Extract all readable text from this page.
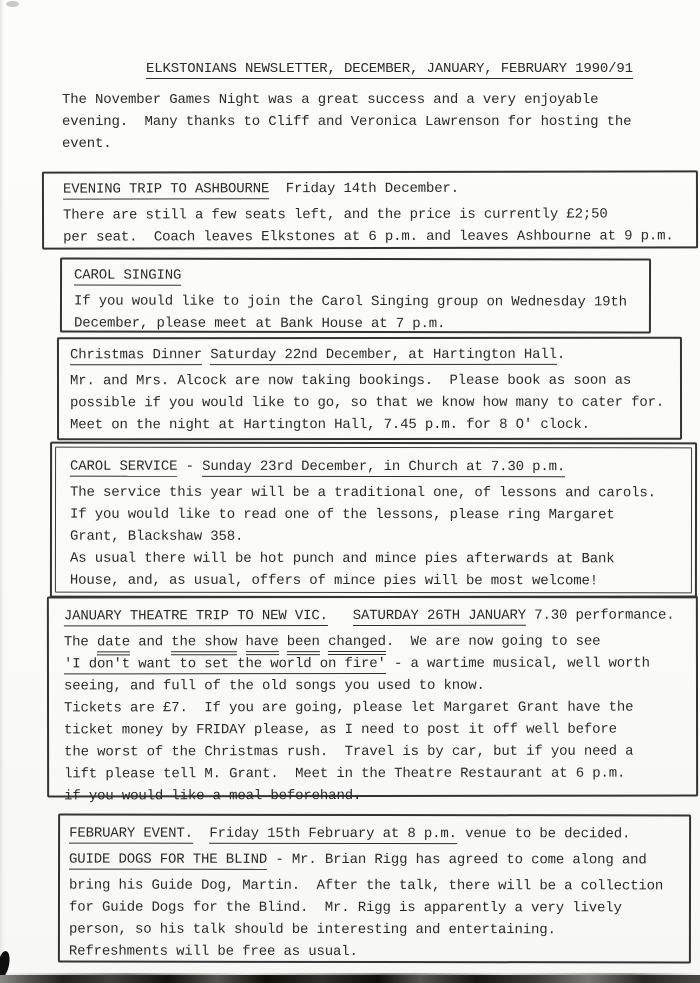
ELKSTONIANS NEWSLETTER, DECEMBER, JANUARY, FEBRUARY 1990/91
The November Games Night was a great success and a very enjoyable
evening.  Many thanks to Cliff and Veronica Lawrenson for hosting the
event.
EVENING TRIP TO ASHBOURNE  Friday 14th December.
There are still a few seats left, and the price is currently £2;50
per seat.  Coach leaves Elkstones at 6 p.m. and leaves Ashbourne at 9 p.m.
CAROL SINGING
If you would like to join the Carol Singing group on Wednesday 19th
December, please meet at Bank House at 7 p.m.
Christmas Dinner Saturday 22nd December, at Hartington Hall.
Mr. and Mrs. Alcock are now taking bookings.  Please book as soon as
possible if you would like to go, so that we know how many to cater for.
Meet on the night at Hartington Hall, 7.45 p.m. for 8 O' clock.
CAROL SERVICE - Sunday 23rd December, in Church at 7.30 p.m.
The service this year will be a traditional one, of lessons and carols.
If you would like to read one of the lessons, please ring Margaret
Grant, Blackshaw 358.
As usual there will be hot punch and mince pies afterwards at Bank
House, and, as usual, offers of mince pies will be most welcome!
JANUARY THEATRE TRIP TO NEW VIC. SATURDAY 26TH JANUARY 7.30 performance.
The date and the show have been changed.  We are now going to see
'I don't want to set the world on fire' - a wartime musical, well worth
seeing, and full of the old songs you used to know.
Tickets are £7.  If you are going, please let Margaret Grant have the
ticket money by FRIDAY please, as I need to post it off well before
the worst of the Christmas rush.  Travel is by car, but if you need a
lift please tell M. Grant.  Meet in the Theatre Restaurant at 6 p.m.
if you would like a meal beforehand.
FEBRUARY EVENT. Friday 15th February at 8 p.m. venue to be decided.
GUIDE DOGS FOR THE BLIND - Mr. Brian Rigg has agreed to come along and
bring his Guide Dog, Martin.  After the talk, there will be a collection
for Guide Dogs for the Blind.  Mr. Rigg is apparently a very lively
person, so his talk should be interesting and entertaining.
Refreshments will be free as usual.
